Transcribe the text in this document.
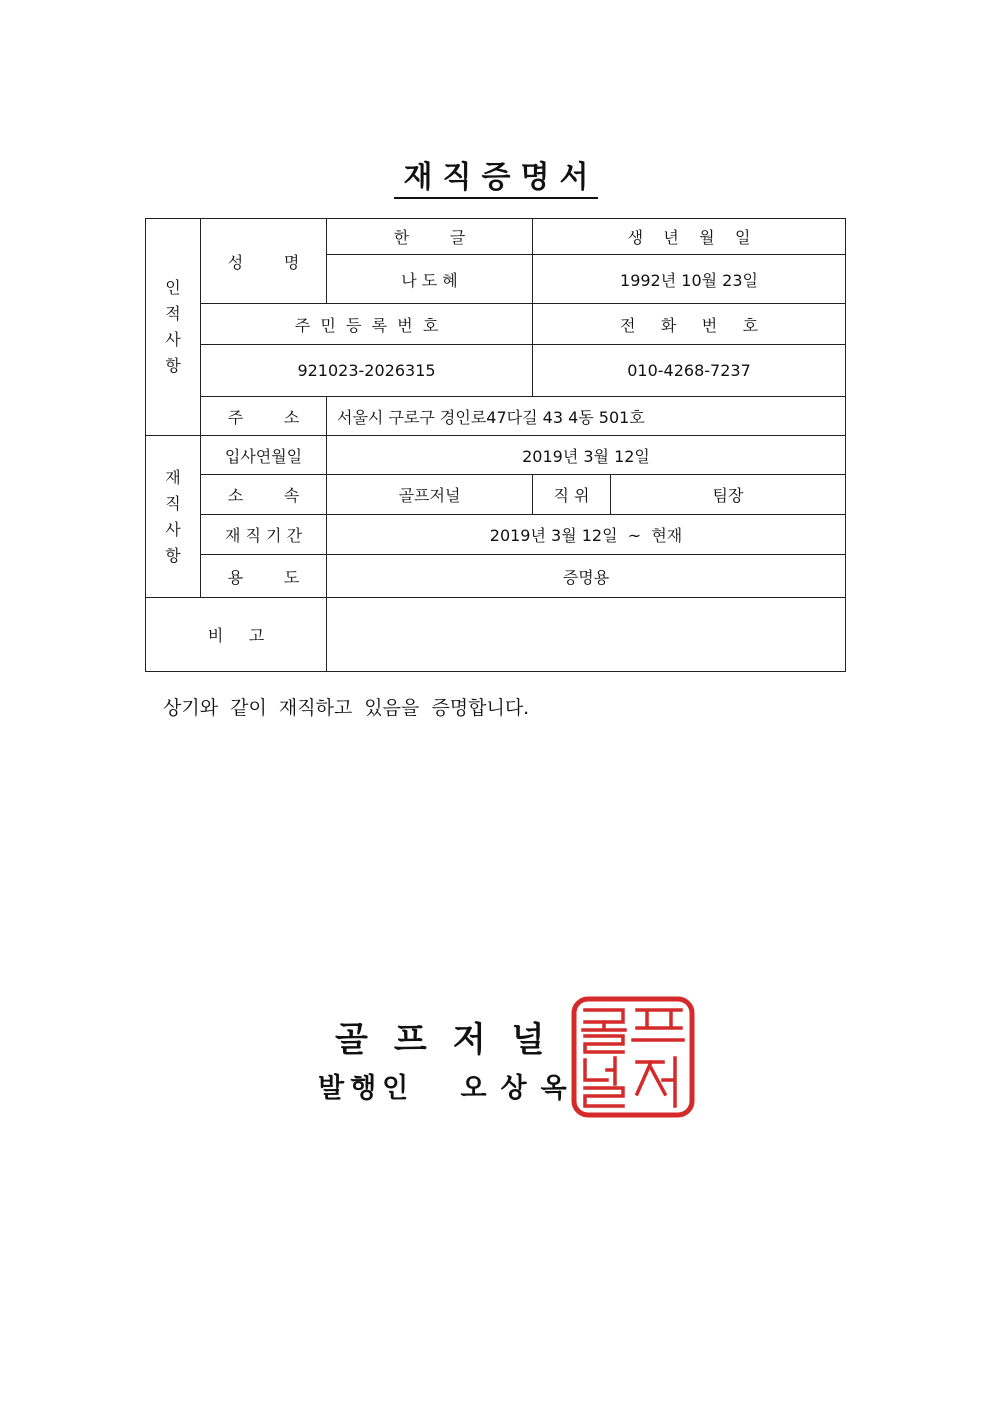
재직증명서
인
적
사
항	성        명	한        글	생    년    월    일	
		나 도 혜	1992년 10월 23일	
	주  민  등  록  번  호		전     화     번     호	
	921023-2026315		010-4268-7237	
	주        소	서울시 구로구 경인로47다길 43 4동 501호		

재
직
사
항	입사연월일	2019년 3월 12일		
	소        속	골프저널	직 위	팀장
	재 직 기 간	2019년 3월 12일  ~  현재		
	용        도	증명용		
비     고				
상기와 같이 재직하고 있음을 증명합니다.
골프저널
발행인 오상옥
